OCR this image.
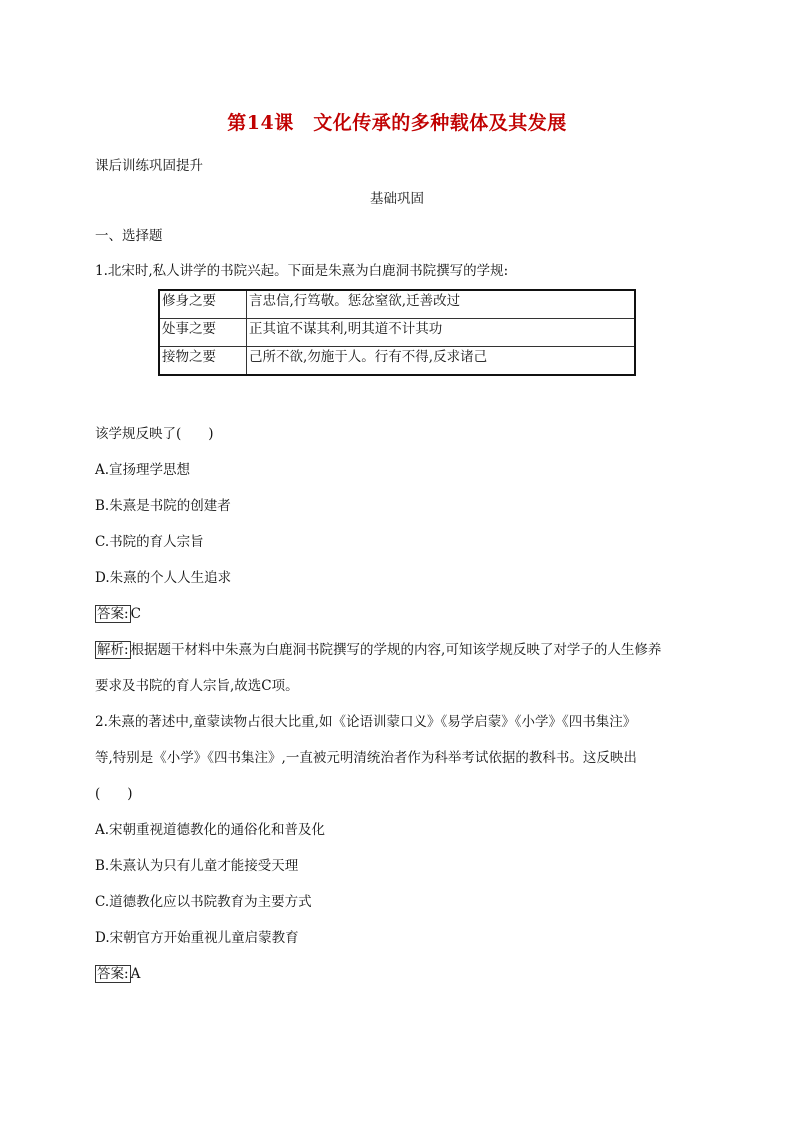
第14课　文化传承的多种载体及其发展
课后训练巩固提升
基础巩固
一、选择题
1.北宋时,私人讲学的书院兴起。下面是朱熹为白鹿洞书院撰写的学规:
修身之要	言忠信,行笃敬。惩忿窒欲,迁善改过
处事之要	正其谊不谋其利,明其道不计其功
接物之要	己所不欲,勿施于人。行有不得,反求诸己
该学规反映了(　　)
A.宣扬理学思想
B.朱熹是书院的创建者
C.书院的育人宗旨
D.朱熹的个人人生追求
答案: C
解析: 根据题干材料中朱熹为白鹿洞书院撰写的学规的内容,可知该学规反映了对学子的人生修养
要求及书院的育人宗旨,故选C项。
2.朱熹的著述中,童蒙读物占很大比重,如《论语训蒙口义》《易学启蒙》《小学》《四书集注》
等,特别是《小学》《四书集注》,一直被元明清统治者作为科举考试依据的教科书。这反映出
(　　)
A.宋朝重视道德教化的通俗化和普及化
B.朱熹认为只有儿童才能接受天理
C.道德教化应以书院教育为主要方式
D.宋朝官方开始重视儿童启蒙教育
答案: A
